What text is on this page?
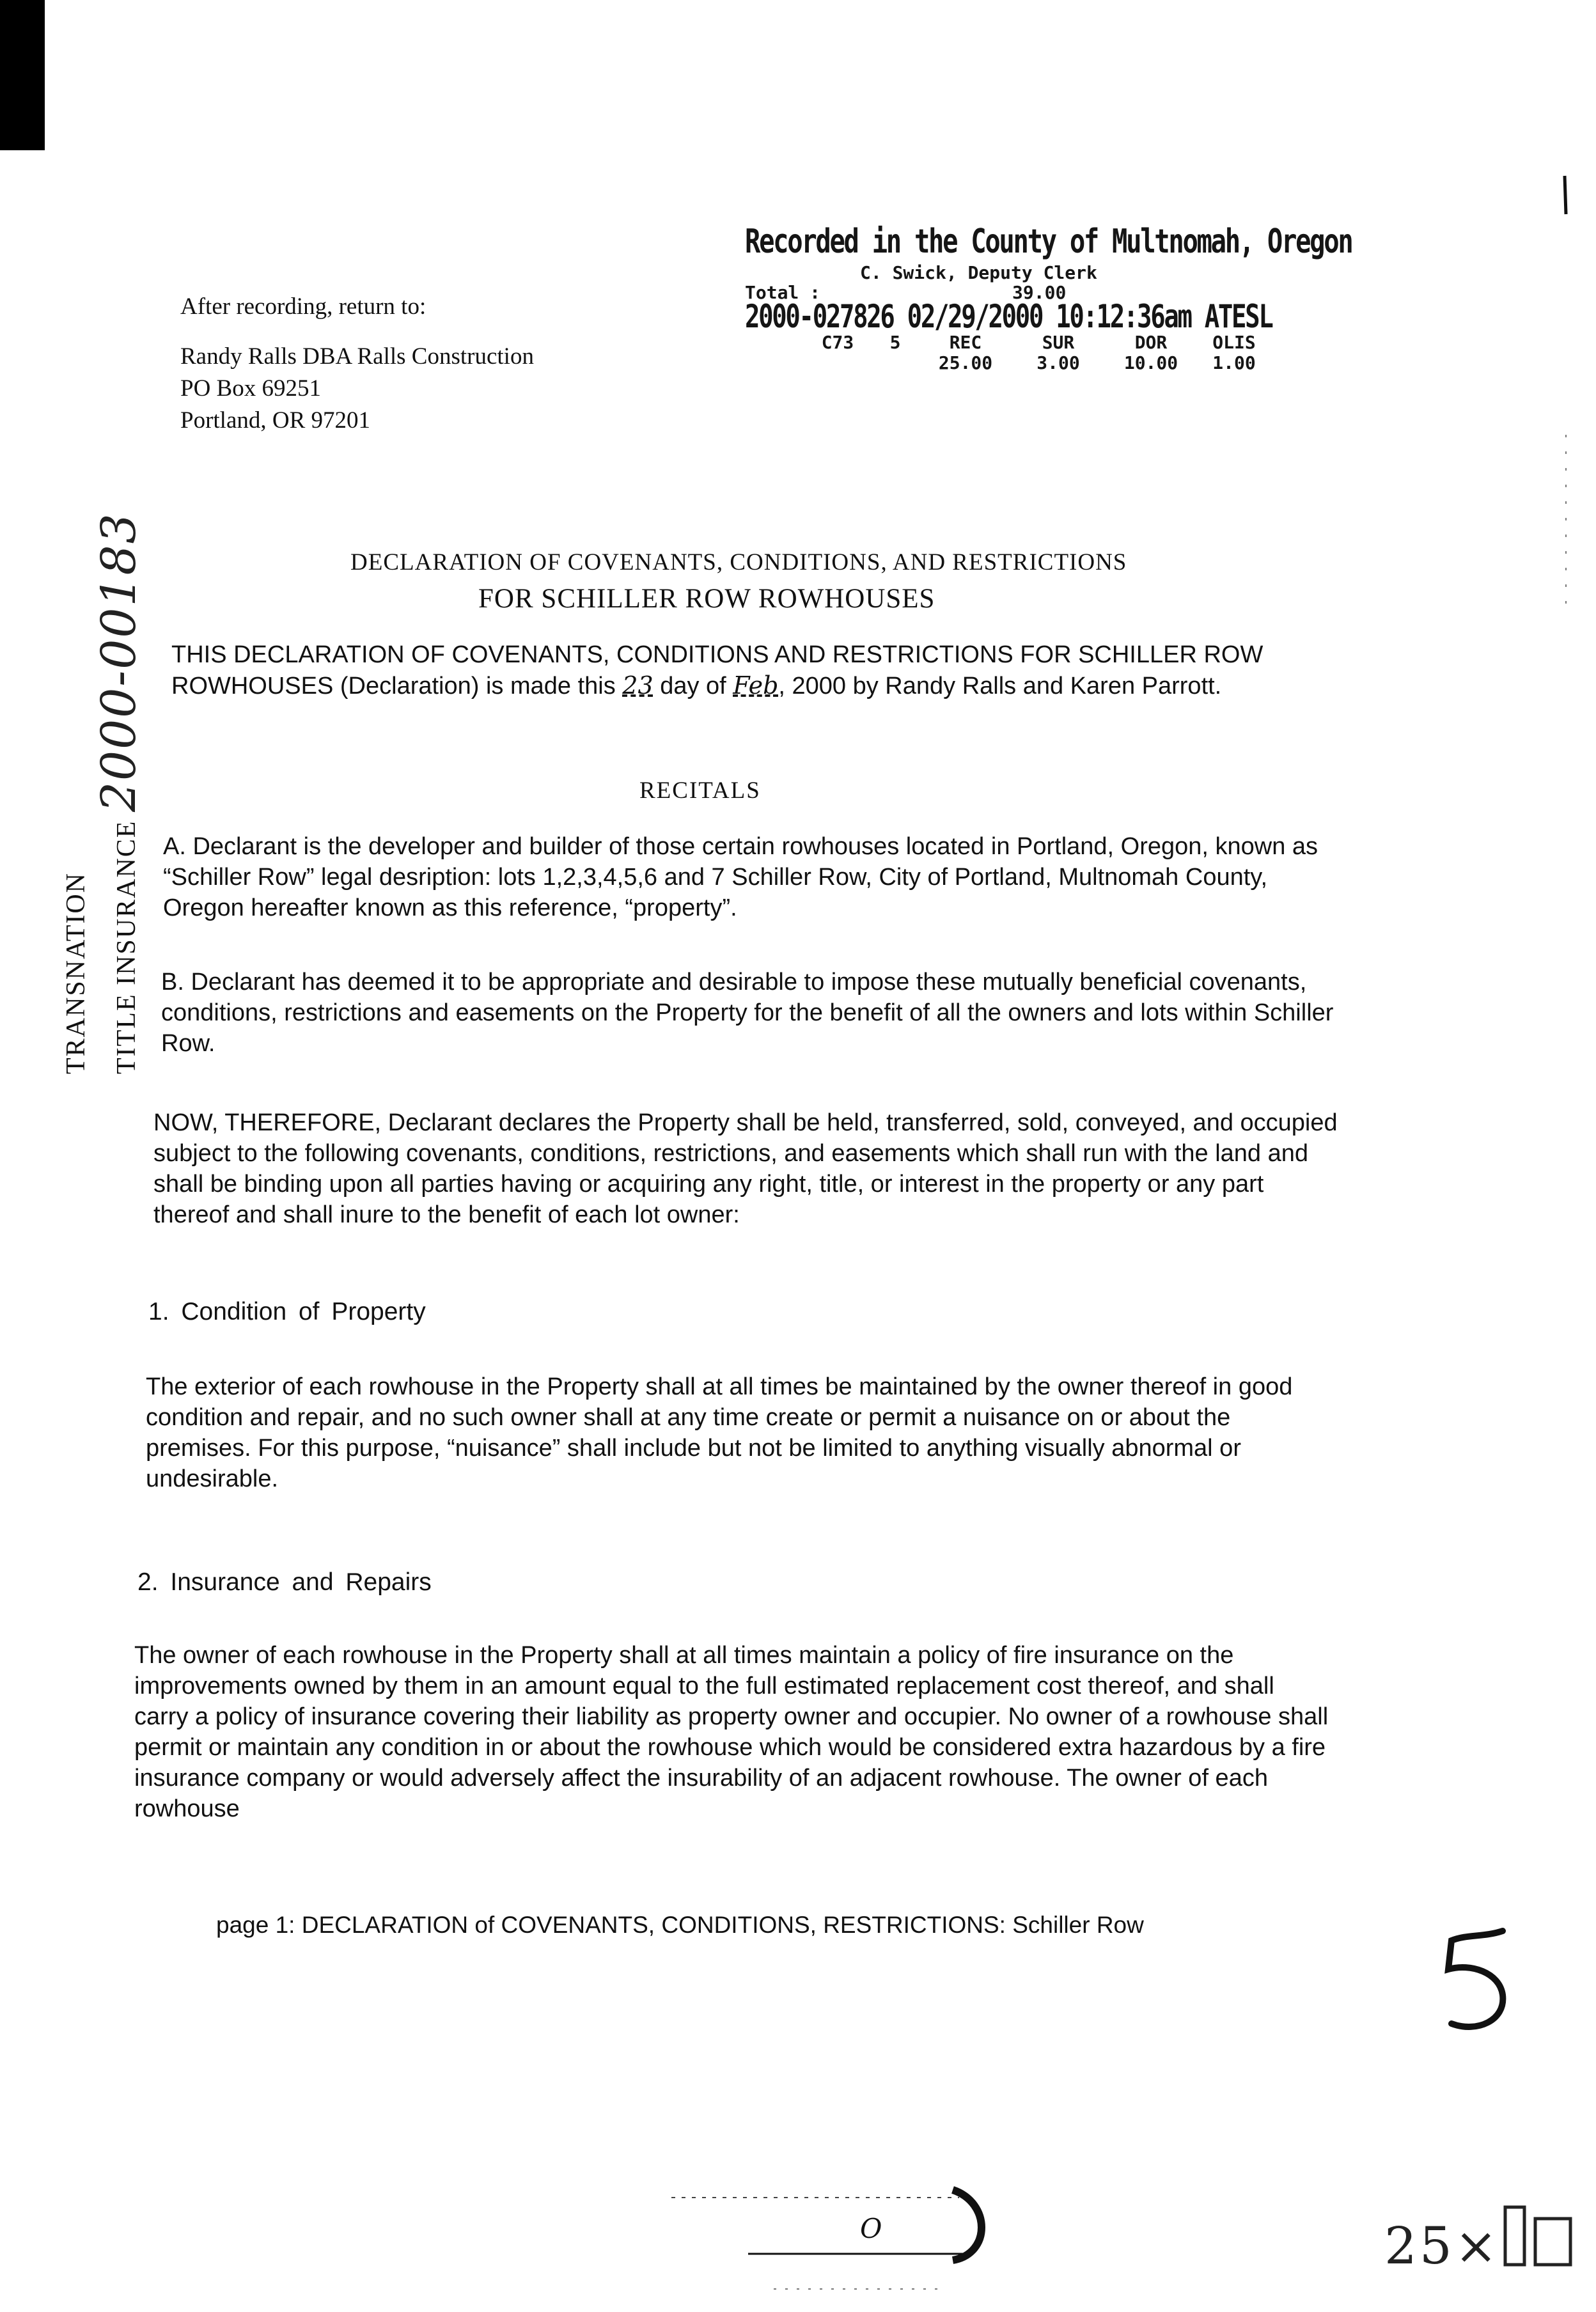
After recording, return to:
Randy Ralls DBA Ralls Construction
PO Box 69251
Portland, OR 97201
Recorded in the County of Multnomah, Oregon
C. Swick, Deputy Clerk
Total :	39.00
2000-027826 02/29/2000 10:12:36am ATESL
C73	5	REC	SUR	DOR	OLIS
25.00	3.00	10.00	1.00
TRANSNATION TITLE INSURANCE 2000-00183	DECLARATION OF COVENANTS, CONDITIONS, AND RESTRICTIONS
FOR SCHILLER ROW ROWHOUSES
THIS DECLARATION OF COVENANTS, CONDITIONS AND RESTRICTIONS FOR SCHILLER ROW ROWHOUSES (Declaration) is made this 23 day of Feb, 2000 by Randy Ralls and Karen Parrott.
RECITALS
A. Declarant is the developer and builder of those certain rowhouses located in Portland, Oregon, known as “Schiller Row” legal desription: lots 1,2,3,4,5,6 and 7 Schiller Row, City of Portland, Multnomah County, Oregon hereafter known as this reference, “property”.
B. Declarant has deemed it to be appropriate and desirable to impose these mutually beneficial covenants, conditions, restrictions and easements on the Property for the benefit of all the owners and lots within Schiller Row.
NOW, THEREFORE, Declarant declares the Property shall be held, transferred, sold, conveyed, and occupied subject to the following covenants, conditions, restrictions, and easements which shall run with the land and shall be binding upon all parties having or acquiring any right, title, or interest in the property or any part thereof and shall inure to the benefit of each lot owner:
1. Condition of Property
The exterior of each rowhouse in the Property shall at all times be maintained by the owner thereof in good condition and repair, and no such owner shall at any time create or permit a nuisance on or about the premises. For this purpose, “nuisance” shall include but not be limited to anything visually abnormal or undesirable.
2. Insurance and Repairs
The owner of each rowhouse in the Property shall at all times maintain a policy of fire insurance on the improvements owned by them in an amount equal to the full estimated replacement cost thereof, and shall carry a policy of insurance covering their liability as property owner and occupier. No owner of a rowhouse shall permit or maintain any condition in or about the rowhouse which would be considered extra hazardous by a fire insurance company or would adversely affect the insurability of an adjacent rowhouse. The owner of each rowhouse
page 1: DECLARATION of COVENANTS, CONDITIONS, RESTRICTIONS: Schiller Row	5
O	25×
